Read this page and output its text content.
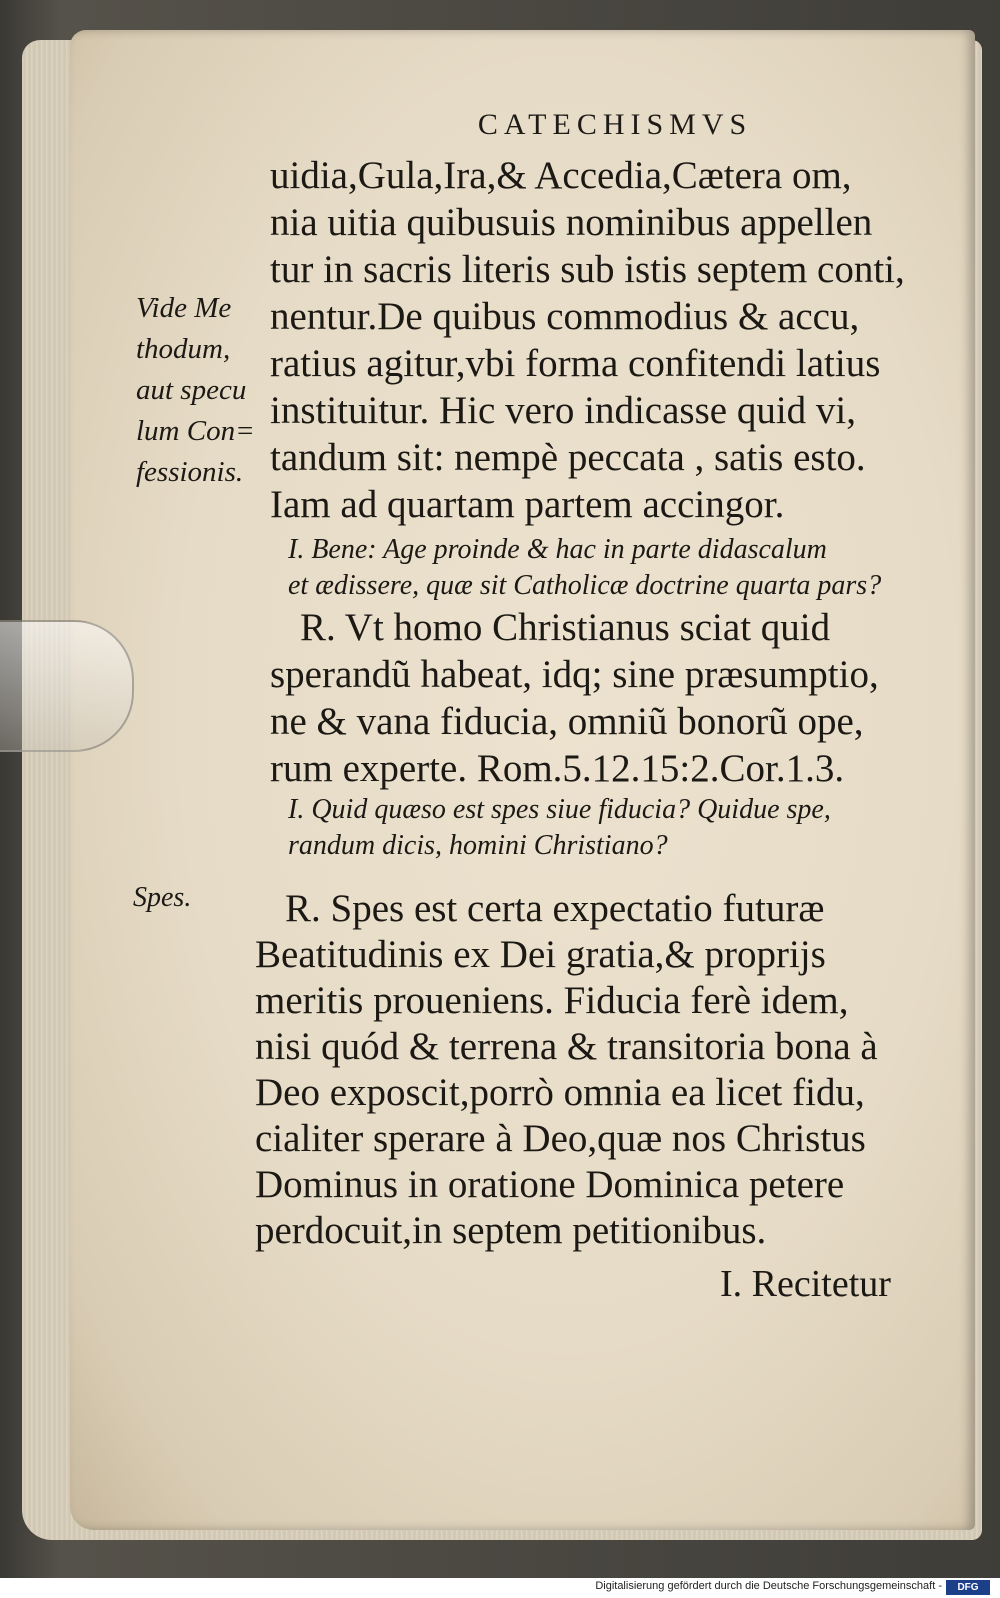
CATECHISMVS
uidia,Gula,Ira,& Accedia,Cætera om,
nia uitia quibusuis nominibus appellen
tur in sacris literis sub istis septem conti,
nentur.De quibus commodius & accu,
ratius agitur,vbi forma confitendi latius
instituitur. Hic vero indicasse quid vi,
tandum sit: nempè peccata , satis esto.
Iam ad quartam partem accingor.
I. Bene: Age proinde & hac in parte didascalum
et ædissere, quæ sit Catholicæ doctrine quarta pars?
R. Vt homo Christianus sciat quid
sperandũ habeat, idq; sine præsumptio,
ne & vana fiducia, omniũ bonorũ ope,
rum experte. Rom.5.12.15:2.Cor.1.3.
I. Quid quæso est spes siue fiducia? Quidue spe,
randum dicis, homini Christiano?
Vide Me
thodum,
aut specu
lum Con=
fessionis.
Spes.	R. Spes est certa expectatio futuræ
Beatitudinis ex Dei gratia,& proprijs
meritis proueniens. Fiducia ferè idem,
nisi quód & terrena & transitoria bona à
Deo exposcit,porrò omnia ea licet fidu,
cialiter sperare à Deo,quæ nos Christus
Dominus in oratione Dominica petere
perdocuit,in septem petitionibus.
I. Recitetur
Digitalisierung gefördert durch die Deutsche Forschungsgemeinschaft -	DFG
